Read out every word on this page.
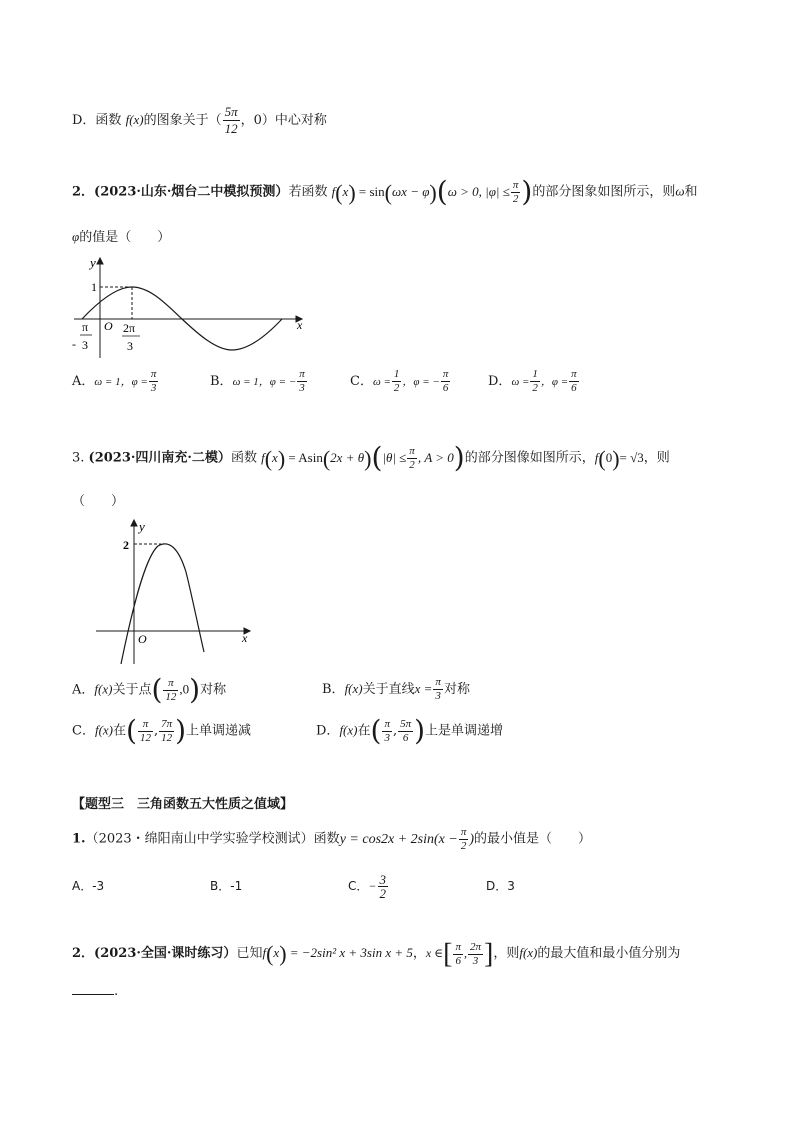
D．函数 f(x)的图象关于（ $\frac{5\pi}{12}$ ，0）中心对称
2．(2023·山东·烟台二中模拟预测）若函数 f(x) = sin(ωx − φ)(ω > 0, $|\varphi| \le \frac{\pi}{2}$ )的部分图象如图所示，则ω和
φ的值是（　　）
y
x
1
O
-
π
3
2π
3
A．ω = 1，$\varphi = \frac{\pi}{3}$	B．ω = 1，φ = − $\frac{\pi}{3}$	C．$\omega = \frac{1}{2}$ ，φ = − $\frac{\pi}{6}$	D．$\omega = \frac{1}{2}$ ，$\varphi = \frac{\pi}{6}$
3. (2023·四川南充·二模）函数 $f(x) = Asin(2x + \theta)(|\theta| \le \frac{\pi}{2}$ , A > 0)的部分图像如图所示，f(0)= √3，则
（　　）
y
x
2
O
A．f(x)关于点( $\frac{\pi}{12} ,0$)对称	B．f(x)关于直线$x = \frac{\pi}{3}$ 对称
C．f(x)在( $\frac{\pi}{12}$ , $\frac{7\pi}{12}$ )上单调递减	D．f(x)在( $\frac{\pi}{3}$ , $\frac{5\pi}{6}$ )上是单调递增
【题型三　三角函数五大性质之值域】
1.（2023・绵阳南山中学实验学校测试）函数$y = \cos 2x + 2\sin(x - \frac{\pi}{2}$ )的最小值是（　　）
A．-3	B．-1	C．− $\frac{3}{2}$	D．3
2．(2023·全国·课时练习）已知f(x) = −2sin² x + 3sin x + 5，x ∈[ $\frac{\pi}{6}$ , $\frac{2\pi}{3}$ ]，则f(x)的最大值和最小值分别为
.
